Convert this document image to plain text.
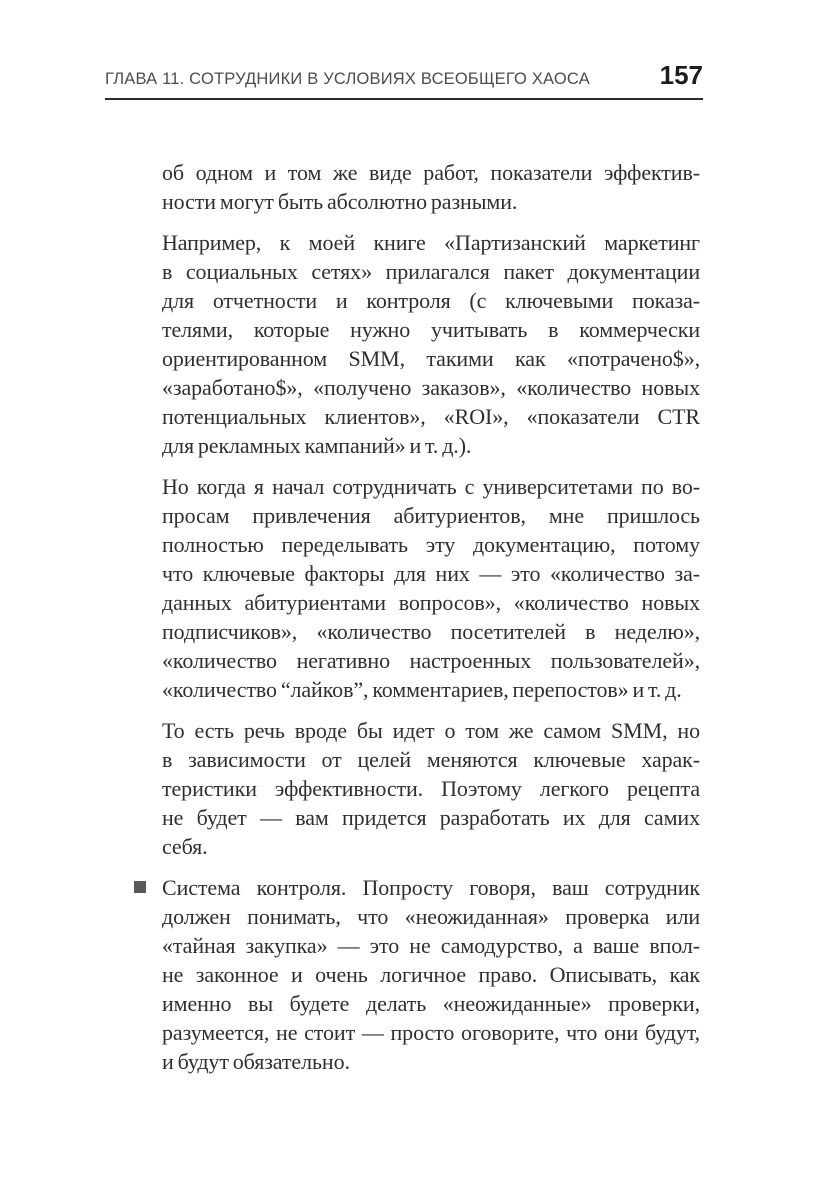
ГЛАВА 11. СОТРУДНИКИ В УСЛОВИЯХ ВСЕОБЩЕГО ХАОСА	157
об одном и том же виде работ, показатели эффектив-
ности могут быть абсолютно разными.
Например, к моей книге «Партизанский маркетинг
в социальных сетях» прилагался пакет документации
для отчетности и контроля (с ключевыми показа-
телями, которые нужно учитывать в коммерчески
ориентированном SMM, такими как «потрачено$»,
«заработано$», «получено заказов», «количество новых
потенциальных клиентов», «ROI», «показатели CTR
для рекламных кампаний» и т. д.).
Но когда я начал сотрудничать с университетами по во-
просам привлечения абитуриентов, мне пришлось
полностью переделывать эту документацию, потому
что ключевые факторы для них — это «количество за-
данных абитуриентами вопросов», «количество новых
подписчиков», «количество посетителей в неделю»,
«количество негативно настроенных пользователей»,
«количество “лайков”, комментариев, перепостов» и т. д.
То есть речь вроде бы идет о том же самом SMM, но
в зависимости от целей меняются ключевые харак-
теристики эффективности. Поэтому легкого рецепта
не будет — вам придется разработать их для самих
себя.
Система контроля. Попросту говоря, ваш сотрудник
должен понимать, что «неожиданная» проверка или
«тайная закупка» — это не самодурство, а ваше впол-
не законное и очень логичное право. Описывать, как
именно вы будете делать «неожиданные» проверки,
разумеется, не стоит — просто оговорите, что они будут,
и будут обязательно.
